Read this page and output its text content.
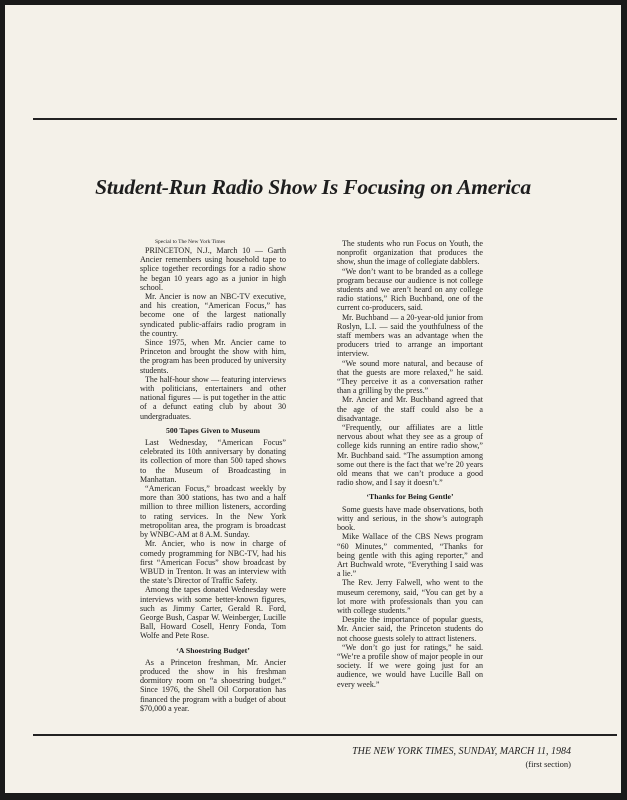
Student-Run Radio Show Is Focusing on America

Special to The New York Times

PRINCETON, N.J., March 10 — Garth Ancier remembers using household tape to splice together recordings for a radio show he began 10 years ago as a junior in high school.

Mr. Ancier is now an NBC-TV executive, and his creation, “American Focus,” has become one of the largest nationally syndicated public-affairs radio program in the country.

Since 1975, when Mr. Ancier came to Princeton and brought the show with him, the program has been produced by university students.

The half-hour show — featuring interviews with politicians, entertainers and other national figures — is put together in the attic of a defunct eating club by about 30 undergraduates.

500 Tapes Given to Museum

Last Wednesday, “American Focus” celebrated its 10th anniversary by donating its collection of more than 500 taped shows to the Museum of Broadcasting in Manhattan.

“American Focus,” broadcast weekly by more than 300 stations, has two and a half million to three million listeners, according to rating services. In the New York metropolitan area, the program is broadcast by WNBC-AM at 8 A.M. Sunday.

Mr. Ancier, who is now in charge of comedy programming for NBC-TV, had his first “American Focus” show broadcast by WBUD in Trenton. It was an interview with the state’s Director of Traffic Safety.

Among the tapes donated Wednesday were interviews with some better-known figures, such as Jimmy Carter, Gerald R. Ford, George Bush, Caspar W. Weinberger, Lucille Ball, Howard Cosell, Henry Fonda, Tom Wolfe and Pete Rose.

‘A Shoestring Budget’

As a Princeton freshman, Mr. Ancier produced the show in his freshman dormitory room on “a shoestring budget.” Since 1976, the Shell Oil Corporation has financed the program with a budget of about $70,000 a year.

The students who run Focus on Youth, the nonprofit organization that produces the show, shun the image of collegiate dabblers.

“We don’t want to be branded as a college program because our audience is not college students and we aren’t heard on any college radio stations,” Rich Buchband, one of the current co-producers, said.

Mr. Buchband — a 20-year-old junior from Roslyn, L.I. — said the youthfulness of the staff members was an advantage when the producers tried to arrange an important interview.

“We sound more natural, and because of that the guests are more relaxed,” he said. “They perceive it as a conversation rather than a grilling by the press.”

Mr. Ancier and Mr. Buchband agreed that the age of the staff could also be a disadvantage.

“Frequently, our affiliates are a little nervous about what they see as a group of college kids running an entire radio show,” Mr. Buchband said. “The assumption among some out there is the fact that we’re 20 years old means that we can’t produce a good radio show, and I say it doesn’t.”

‘Thanks for Being Gentle’

Some guests have made observations, both witty and serious, in the show’s autograph book.

Mike Wallace of the CBS News program “60 Minutes,” commented, “Thanks for being gentle with this aging reporter,” and Art Buchwald wrote, “Everything I said was a lie.”

The Rev. Jerry Falwell, who went to the museum ceremony, said, “You can get by a lot more with professionals than you can with college students.”

Despite the importance of popular guests, Mr. Ancier said, the Princeton students do not choose guests solely to attract listeners.

“We don’t go just for ratings,” he said. “We’re a profile show of major people in our society. If we were going just for an audience, we would have Lucille Ball on every week.”

THE NEW YORK TIMES, SUNDAY, MARCH 11, 1984
(first section)
